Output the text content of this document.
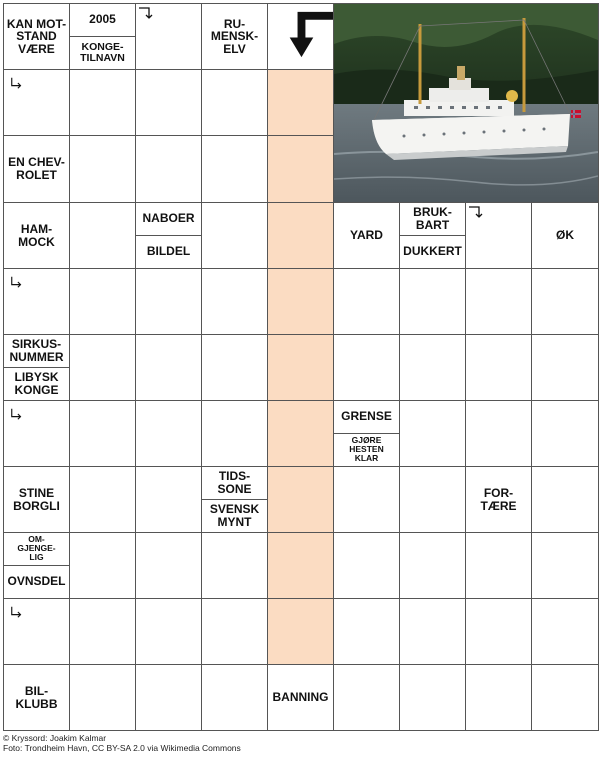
KAN MOT-
STAND
VÆRE
2005
KONGE-
TILNAVN
RU-
MENSK-
ELV
EN CHEV-
ROLET
HAM-
MOCK
NABOER
BILDEL
YARD
BRUK-
BART
DUKKERT
ØK
SIRKUS-
NUMMER
LIBYSK
KONGE
GRENSE
GJØRE
HESTEN
KLAR
STINE
BORGLI
TIDS-
SONE
SVENSK
MYNT
FOR-
TÆRE
OM-
GJENGE-
LIG
OVNSDEL
BIL-
KLUBB	BANNING
© Kryssord: Joakim Kalmar
Foto: Trondheim Havn, CC BY-SA 2.0 via Wikimedia Commons
